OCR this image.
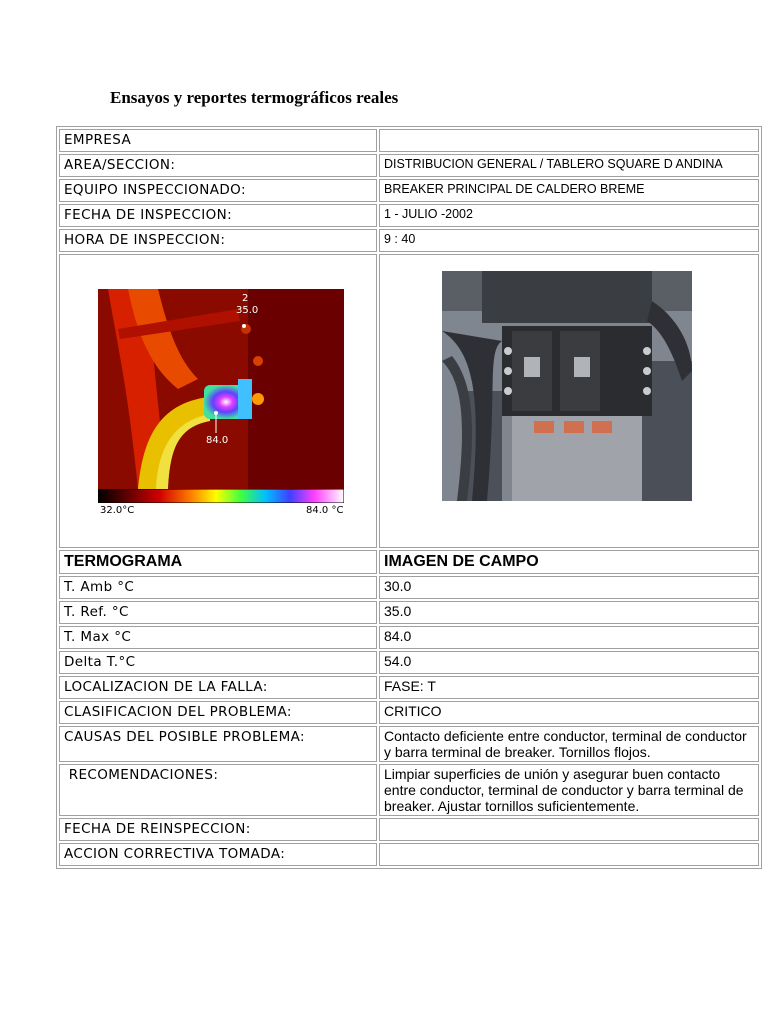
Ensayos y reportes termográficos reales
EMPRESA	
AREA/SECCION:	DISTRIBUCION GENERAL / TABLERO SQUARE D ANDINA
EQUIPO INSPECCIONADO:	BREAKER PRINCIPAL DE CALDERO BREME
FECHA DE INSPECCION:	1 - JULIO -2002
HORA DE INSPECCION:	9 : 40

2
35.0
84.0
32.0°C 84.0 °C

TERMOGRAMA	IMAGEN DE CAMPO
T. Amb °C	30.0
T. Ref. °C	35.0
T. Max °C	84.0
Delta T.°C	54.0
LOCALIZACION DE LA FALLA:	FASE: T
CLASIFICACION DEL PROBLEMA:	CRITICO
CAUSAS DEL POSIBLE PROBLEMA:	Contacto deficiente entre conductor, terminal de conductor y barra terminal de breaker. Tornillos flojos.
RECOMENDACIONES:	Limpiar superficies de unión y asegurar buen contacto entre conductor, terminal de conductor y barra terminal de breaker. Ajustar tornillos suficientemente.
FECHA DE REINSPECCION:	
ACCION CORRECTIVA TOMADA:	
